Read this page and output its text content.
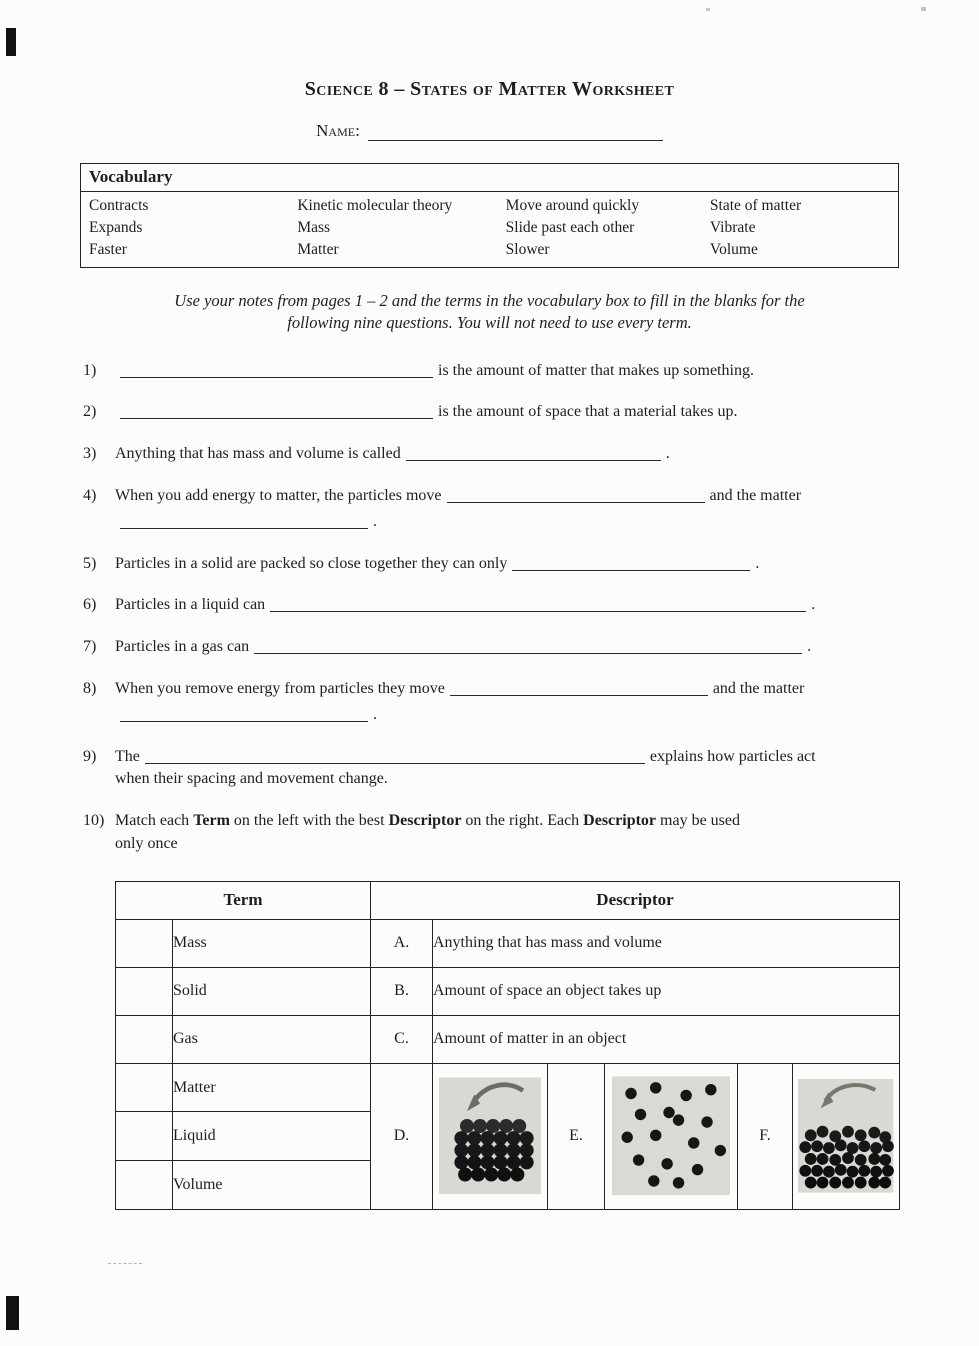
Science 8 – States of Matter Worksheet
Name:
Vocabulary
Contracts	Kinetic molecular theory	Move around quickly	State of matter
Expands	Mass	Slide past each other	Vibrate
Faster	Matter	Slower	Volume
Use your notes from pages 1 – 2 and the terms in the vocabulary box to fill in the blanks for the
following nine questions. You will not need to use every term.
1)	is the amount of matter that makes up something.
2)	is the amount of space that a material takes up.
3)	Anything that has mass and volume is called	.
4)	When you add energy to matter, the particles move	and the matter
.
5)	Particles in a solid are packed so close together they can only	.
6)	Particles in a liquid can	.
7)	Particles in a gas can	.
8)	When you remove energy from particles they move	and the matter
.
9)	The	explains how particles act
when their spacing and movement change.
10) Match each Term on the left with the best Descriptor on the right. Each Descriptor may be used
only once
Term		Descriptor	
	Mass	A.	Anything that has mass and volume
	Solid	B.	Amount of space an object takes up
	Gas	C.	Amount of matter in an object
	Matter	D. E. F.	

	Liquid		
	Volume		
